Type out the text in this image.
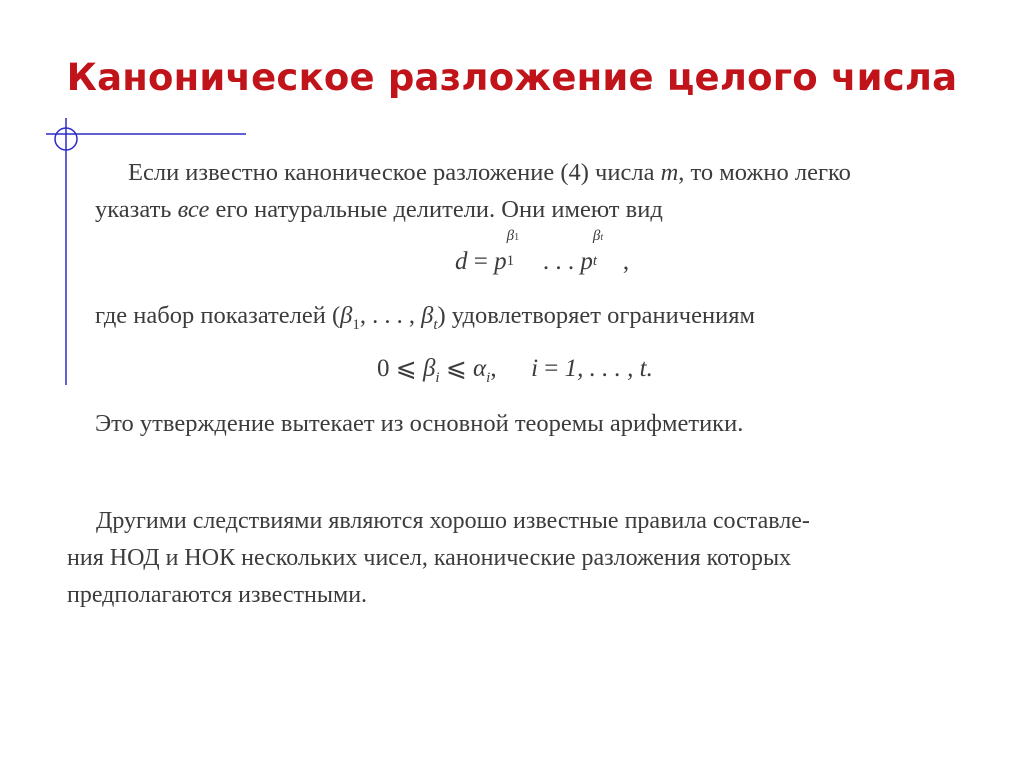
Каноническое разложение целого числа
Если известно каноническое разложение (4) числа m, то можно легко
указать все его натуральные делители. Они имеют вид
d = p
β1
1 . . . p
βt
t ,
где набор показателей ($\beta_1$, . . . , $\beta_t$) удовлетворяет ограничениям
0 ⩽ $\beta_i$ ⩽ $\alpha_i$, i = 1, . . . , t.
Это утверждение вытекает из основной теоремы арифметики.
Другими следствиями являются хорошо известные правила составле-
ния НОД и НОК нескольких чисел, канонические разложения которых
предполагаются известными.
